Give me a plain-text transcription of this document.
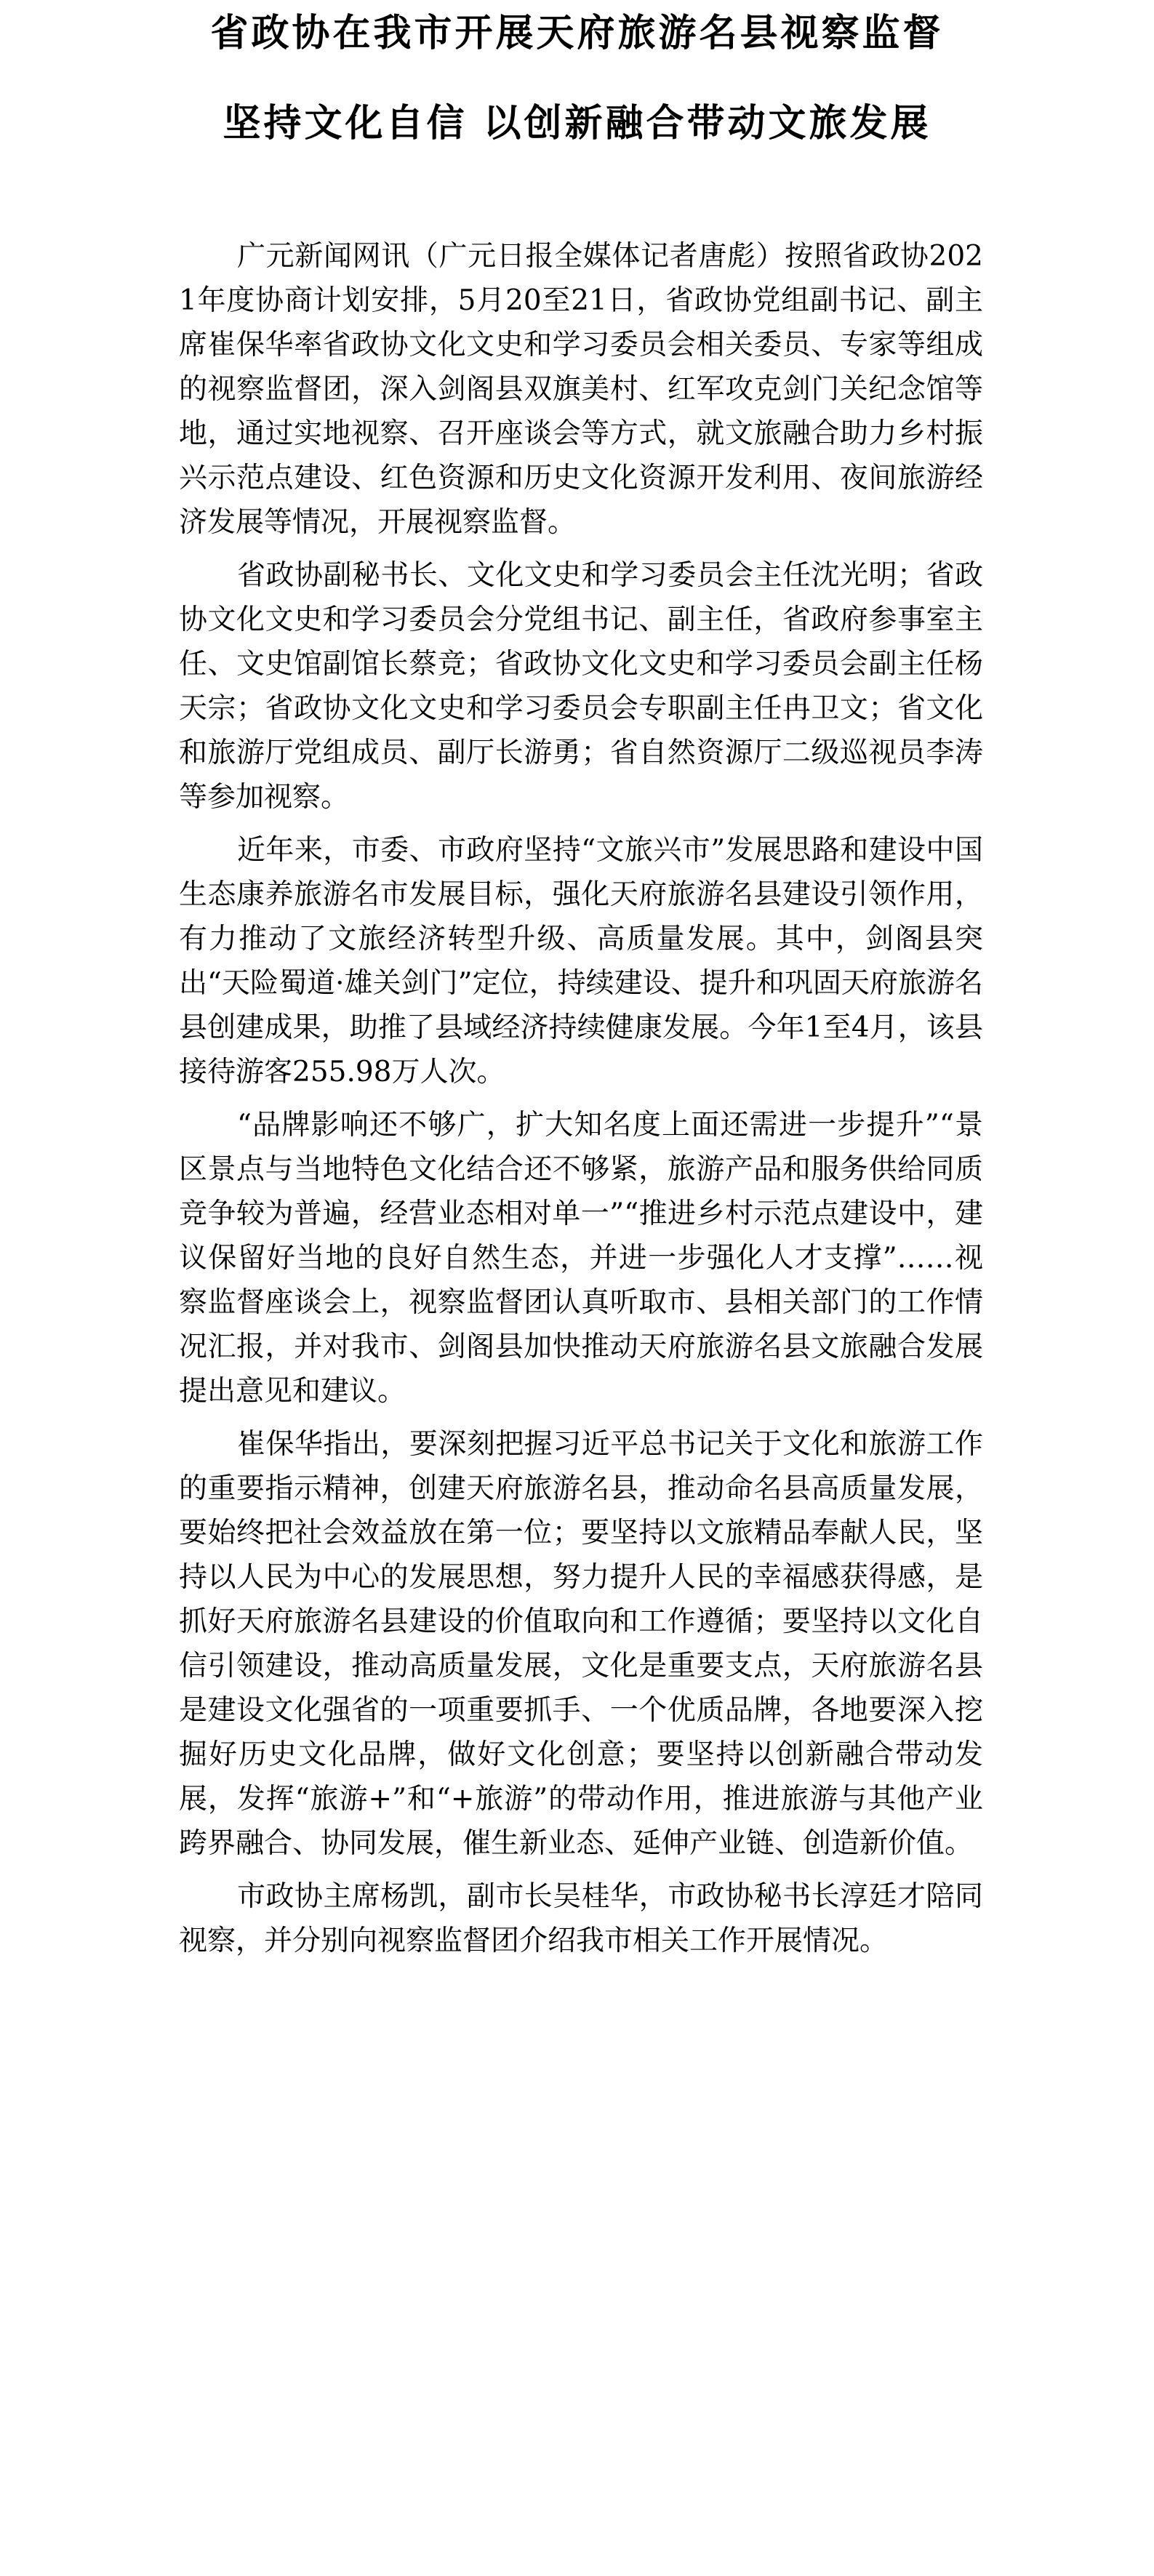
省政协在我市开展天府旅游名县视察监督
坚持文化自信 以创新融合带动文旅发展

广元新闻网讯（广元日报全媒体记者唐彪）按照省政协2021年度协商计划安排，5月20至21日，省政协党组副书记、副主席崔保华率省政协文化文史和学习委员会相关委员、专家等组成的视察监督团，深入剑阁县双旗美村、红军攻克剑门关纪念馆等地，通过实地视察、召开座谈会等方式，就文旅融合助力乡村振兴示范点建设、红色资源和历史文化资源开发利用、夜间旅游经济发展等情况，开展视察监督。

省政协副秘书长、文化文史和学习委员会主任沈光明；省政协文化文史和学习委员会分党组书记、副主任，省政府参事室主任、文史馆副馆长蔡竞；省政协文化文史和学习委员会副主任杨天宗；省政协文化文史和学习委员会专职副主任冉卫文；省文化和旅游厅党组成员、副厅长游勇；省自然资源厅二级巡视员李涛等参加视察。

近年来，市委、市政府坚持“文旅兴市”发展思路和建设中国生态康养旅游名市发展目标，强化天府旅游名县建设引领作用，有力推动了文旅经济转型升级、高质量发展。其中，剑阁县突出“天险蜀道·雄关剑门”定位，持续建设、提升和巩固天府旅游名县创建成果，助推了县域经济持续健康发展。今年1至4月，该县接待游客255.98万人次。

“品牌影响还不够广，扩大知名度上面还需进一步提升”“景区景点与当地特色文化结合还不够紧，旅游产品和服务供给同质竞争较为普遍，经营业态相对单一”“推进乡村示范点建设中，建议保留好当地的良好自然生态，并进一步强化人才支撑”……视察监督座谈会上，视察监督团认真听取市、县相关部门的工作情况汇报，并对我市、剑阁县加快推动天府旅游名县文旅融合发展提出意见和建议。

崔保华指出，要深刻把握习近平总书记关于文化和旅游工作的重要指示精神，创建天府旅游名县，推动命名县高质量发展，要始终把社会效益放在第一位；要坚持以文旅精品奉献人民，坚持以人民为中心的发展思想，努力提升人民的幸福感获得感，是抓好天府旅游名县建设的价值取向和工作遵循；要坚持以文化自信引领建设，推动高质量发展，文化是重要支点，天府旅游名县是建设文化强省的一项重要抓手、一个优质品牌，各地要深入挖掘好历史文化品牌，做好文化创意；要坚持以创新融合带动发展，发挥“旅游+”和“+旅游”的带动作用，推进旅游与其他产业跨界融合、协同发展，催生新业态、延伸产业链、创造新价值。

市政协主席杨凯，副市长吴桂华，市政协秘书长淳廷才陪同视察，并分别向视察监督团介绍我市相关工作开展情况。
